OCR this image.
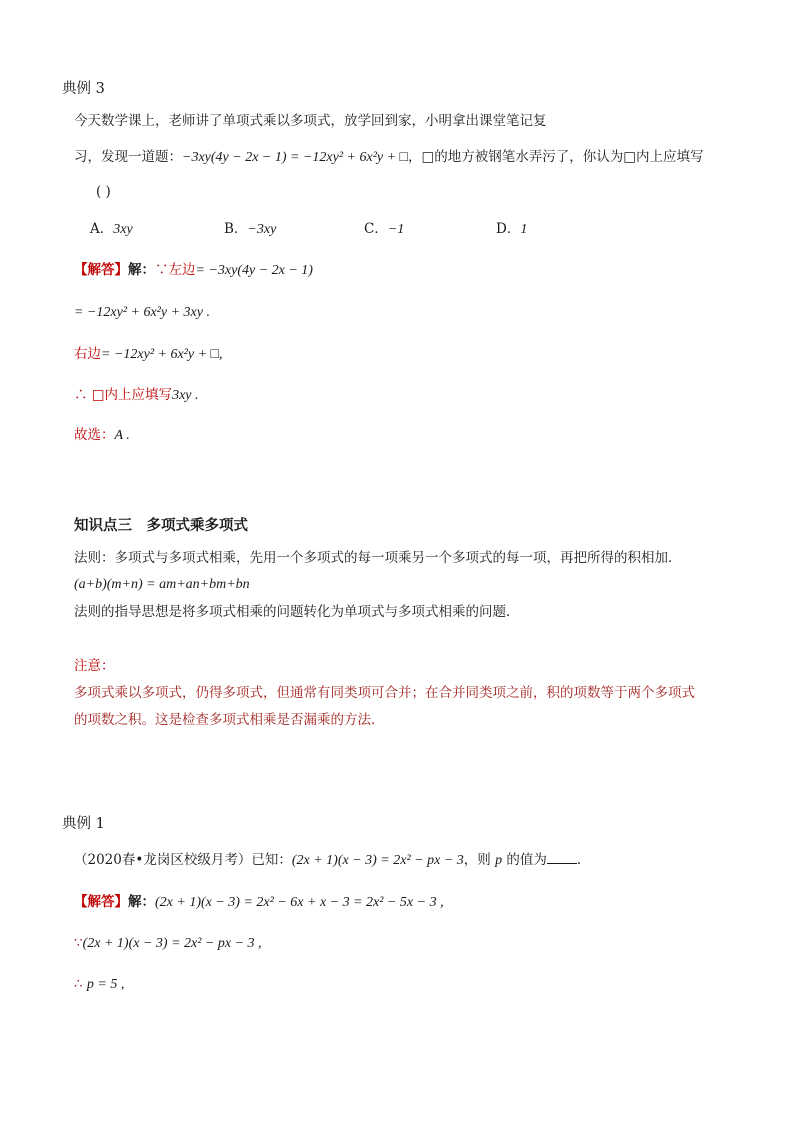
典例 3
今天数学课上，老师讲了单项式乘以多项式，放学回到家，小明拿出课堂笔记复
习，发现一道题：−3xy(4y − 2x − 1) = −12xy² + 6x²y + □，□的地方被钢笔水弄污了，你认为□内上应填写
( )
A．3xy	B．−3xy	C．−1	D．1
【解答】解：∵左边= −3xy(4y − 2x − 1)
= −12xy² + 6x²y + 3xy .
右边= −12xy² + 6x²y + □,
∴ □内上应填写3xy .
故选：A .
知识点三　多项式乘多项式
法则：多项式与多项式相乘，先用一个多项式的每一项乘另一个多项式的每一项，再把所得的积相加．
(a+b)(m+n) = am+an+bm+bn
法则的指导思想是将多项式相乘的问题转化为单项式与多项式相乘的问题．
注意：
多项式乘以多项式，仍得多项式，但通常有同类项可合并；在合并同类项之前，积的项数等于两个多项式
的项数之积。这是检查多项式相乘是否漏乘的方法．
典例 1
（2020春•龙岗区校级月考）已知：(2x + 1)(x − 3) = 2x² − px − 3，则 p 的值为 ．
【解答】解：(2x + 1)(x − 3) = 2x² − 6x + x − 3 = 2x² − 5x − 3 ,
∵(2x + 1)(x − 3) = 2x² − px − 3 ,
∴ p = 5 ,
